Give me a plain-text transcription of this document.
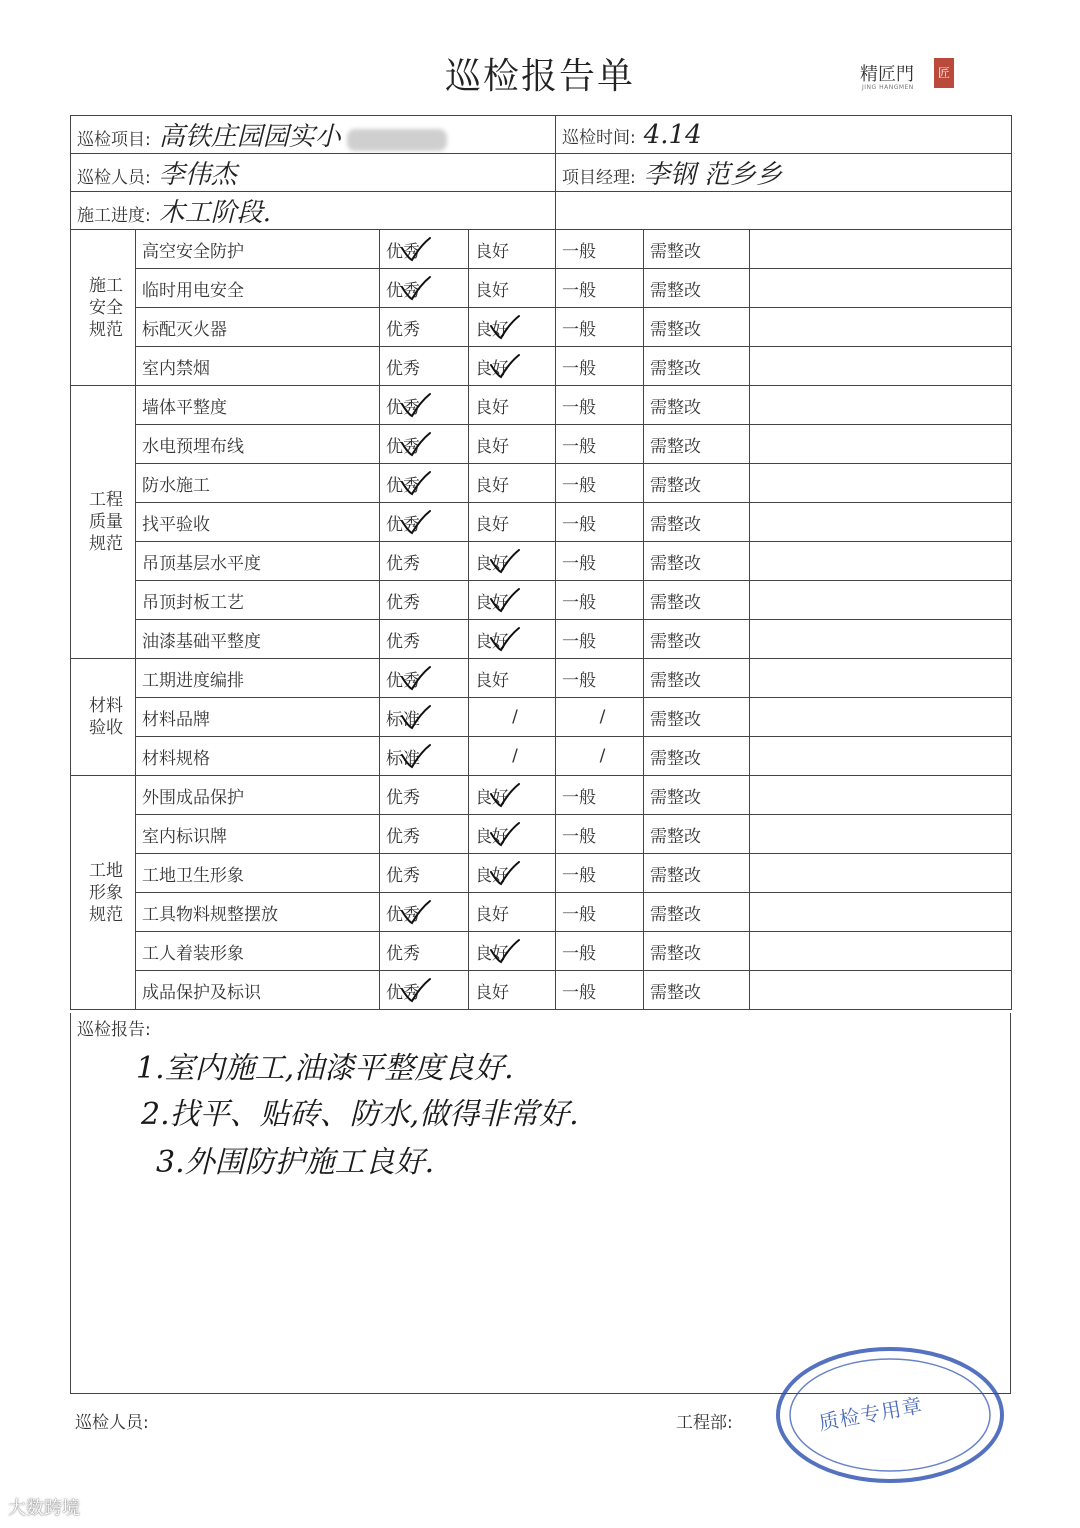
巡检报告单	精匠門
JING HANGMEN
匠
巡检项目: 高铁庄园园实小				巡检时间: 4.14		
巡检人员: 李伟杰				项目经理: 李钢 范乡乡		
施工进度: 木工阶段.						

施工
安全
规范	高空安全防护	优秀	良好	一般	需整改	
	临时用电安全	优秀	良好	一般	需整改	
	标配灭火器	优秀	良好	一般	需整改	
	室内禁烟	优秀	良好	一般	需整改	

工程
质量
规范	墙体平整度	优秀	良好	一般	需整改	
	水电预埋布线	优秀	良好	一般	需整改	
	防水施工	优秀	良好	一般	需整改	
	找平验收	优秀	良好	一般	需整改	
	吊顶基层水平度	优秀	良好	一般	需整改	
	吊顶封板工艺	优秀	良好	一般	需整改	
	油漆基础平整度	优秀	良好	一般	需整改	

材料
验收	工期进度编排	优秀	良好	一般	需整改	
	材料品牌	标准	/	/	需整改	
	材料规格	标准	/	/	需整改	

工地
形象
规范	外围成品保护	优秀	良好	一般	需整改	
	室内标识牌	优秀	良好	一般	需整改	
	工地卫生形象	优秀	良好	一般	需整改	
	工具物料规整摆放	优秀	良好	一般	需整改	
	工人着装形象	优秀	良好	一般	需整改	
	成品保护及标识	优秀	良好	一般	需整改	
巡检报告:
1.室内施工,油漆平整度良好.
2.找平、贴砖、防水,做得非常好.
3.外围防护施工良好.
巡检人员:	工程部:	质检专用章
大数跨境
